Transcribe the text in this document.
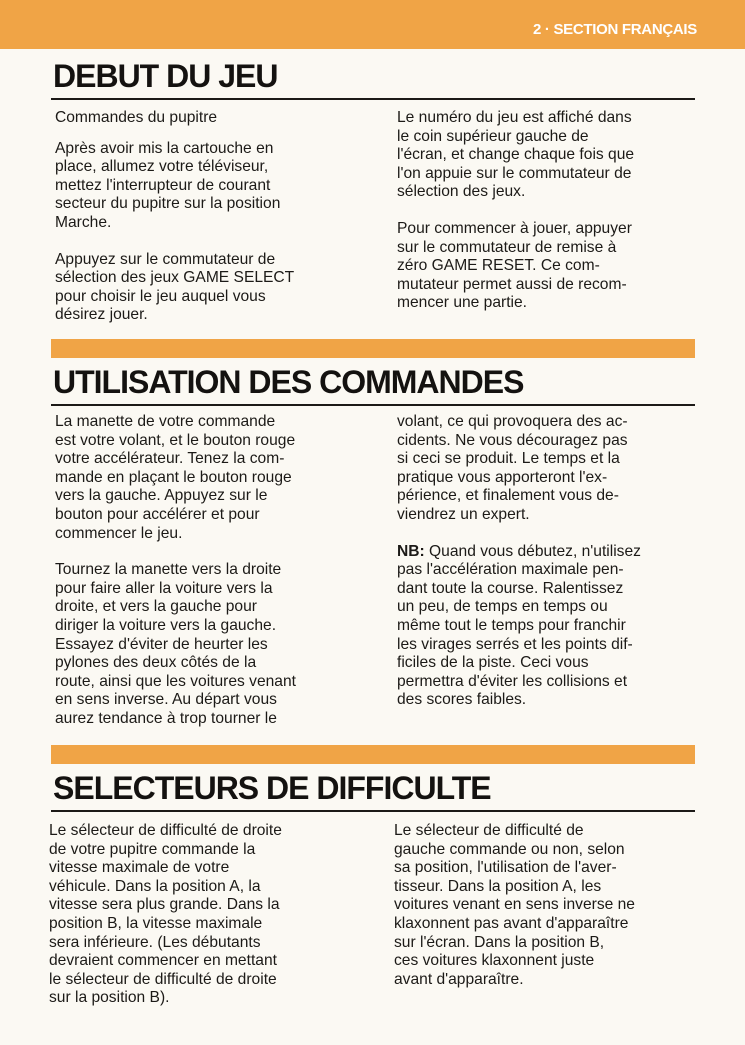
2 · SECTION FRANÇAIS
DEBUT DU JEU

Commandes du pupitre

Après avoir mis la cartouche en
place, allumez votre téléviseur,
mettez l'interrupteur de courant
secteur du pupitre sur la position
Marche.

Appuyez sur le commutateur de
sélection des jeux GAME SELECT
pour choisir le jeu auquel vous
désirez jouer.

Le numéro du jeu est affiché dans
le coin supérieur gauche de
l'écran, et change chaque fois que
l'on appuie sur le commutateur de
sélection des jeux.

Pour commencer à jouer, appuyer
sur le commutateur de remise à
zéro GAME RESET. Ce com-
mutateur permet aussi de recom-
mencer une partie.

UTILISATION DES COMMANDES

La manette de votre commande
est votre volant, et le bouton rouge
votre accélérateur. Tenez la com-
mande en plaçant le bouton rouge
vers la gauche. Appuyez sur le
bouton pour accélérer et pour
commencer le jeu.

Tournez la manette vers la droite
pour faire aller la voiture vers la
droite, et vers la gauche pour
diriger la voiture vers la gauche.
Essayez d'éviter de heurter les
pylones des deux côtés de la
route, ainsi que les voitures venant
en sens inverse. Au départ vous
aurez tendance à trop tourner le

volant, ce qui provoquera des ac-
cidents. Ne vous découragez pas
si ceci se produit. Le temps et la
pratique vous apporteront l'ex-
périence, et finalement vous de-
viendrez un expert.

NB: Quand vous débutez, n'utilisez
pas l'accélération maximale pen-
dant toute la course. Ralentissez
un peu, de temps en temps ou
même tout le temps pour franchir
les virages serrés et les points dif-
ficiles de la piste. Ceci vous
permettra d'éviter les collisions et
des scores faibles.

SELECTEURS DE DIFFICULTE

Le sélecteur de difficulté de droite
de votre pupitre commande la
vitesse maximale de votre
véhicule. Dans la position A, la
vitesse sera plus grande. Dans la
position B, la vitesse maximale
sera inférieure. (Les débutants
devraient commencer en mettant
le sélecteur de difficulté de droite
sur la position B).

Le sélecteur de difficulté de
gauche commande ou non, selon
sa position, l'utilisation de l'aver-
tisseur. Dans la position A, les
voitures venant en sens inverse ne
klaxonnent pas avant d'apparaître
sur l'écran. Dans la position B,
ces voitures klaxonnent juste
avant d'apparaître.
